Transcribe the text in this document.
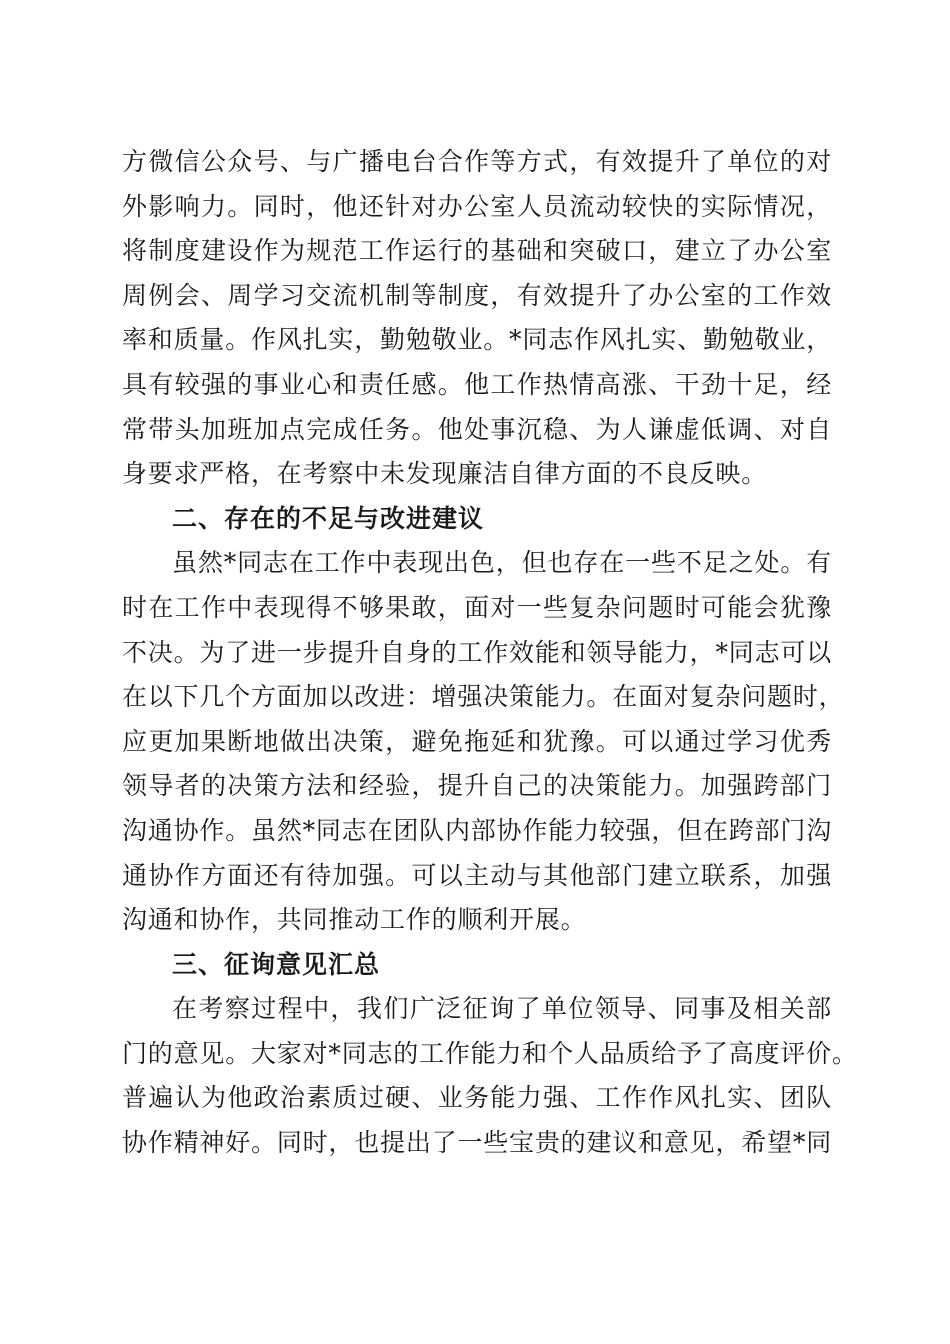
方微信公众号、与广播电台合作等方式，有效提升了单位的对
外影响力。同时，他还针对办公室人员流动较快的实际情况，
将制度建设作为规范工作运行的基础和突破口，建立了办公室
周例会、周学习交流机制等制度，有效提升了办公室的工作效
率和质量。作风扎实，勤勉敬业。*同志作风扎实、勤勉敬业，
具有较强的事业心和责任感。他工作热情高涨、干劲十足，经
常带头加班加点完成任务。他处事沉稳、为人谦虚低调、对自
身要求严格，在考察中未发现廉洁自律方面的不良反映。
二、存在的不足与改进建议
虽然*同志在工作中表现出色，但也存在一些不足之处。有
时在工作中表现得不够果敢，面对一些复杂问题时可能会犹豫
不决。为了进一步提升自身的工作效能和领导能力，*同志可以
在以下几个方面加以改进：增强决策能力。在面对复杂问题时，
应更加果断地做出决策，避免拖延和犹豫。可以通过学习优秀
领导者的决策方法和经验，提升自己的决策能力。加强跨部门
沟通协作。虽然*同志在团队内部协作能力较强，但在跨部门沟
通协作方面还有待加强。可以主动与其他部门建立联系，加强
沟通和协作，共同推动工作的顺利开展。
三、征询意见汇总
在考察过程中，我们广泛征询了单位领导、同事及相关部
门的意见。大家对*同志的工作能力和个人品质给予了高度评价。
普遍认为他政治素质过硬、业务能力强、工作作风扎实、团队
协作精神好。同时，也提出了一些宝贵的建议和意见，希望*同
